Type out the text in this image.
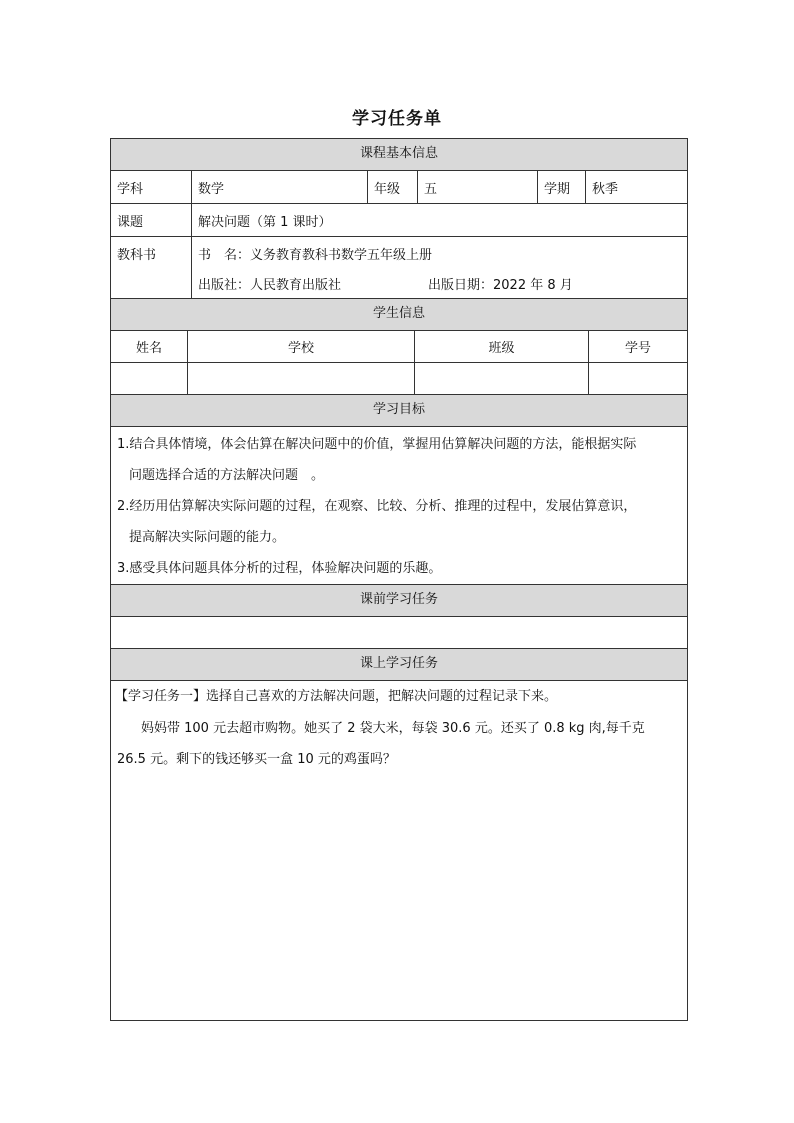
学习任务单
课程基本信息
学科	数学	年级	五	学期	秋季
课题	解决问题（第 1 课时）
教科书	书　名：义务教育教科书数学五年级上册
出版社：人民教育出版社	出版日期：2022 年 8 月
学生信息
姓名	学校	班级	学号
学习目标
1.结合具体情境，体会估算在解决问题中的价值，掌握用估算解决问题的方法，能根据实际
问题选择合适的方法解决问题　。
2.经历用估算解决实际问题的过程，在观察、比较、分析、推理的过程中，发展估算意识，
提高解决实际问题的能力。
3.感受具体问题具体分析的过程，体验解决问题的乐趣。
课前学习任务
课上学习任务
【学习任务一】选择自己喜欢的方法解决问题，把解决问题的过程记录下来。
妈妈带 100 元去超市购物。她买了 2 袋大米，每袋 30.6 元。还买了 0.8 kg 肉,每千克
26.5 元。剩下的钱还够买一盒 10 元的鸡蛋吗？
